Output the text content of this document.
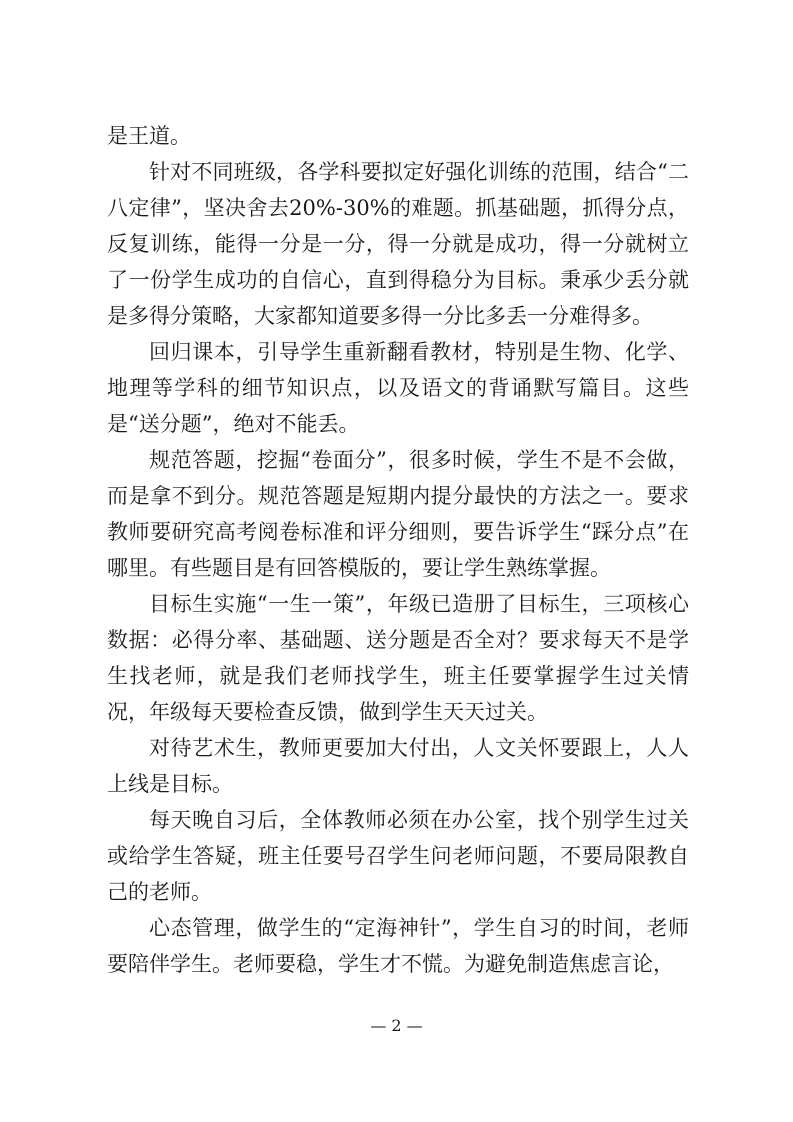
是王道。

针对不同班级，各学科要拟定好强化训练的范围，结合“二八定律”，坚决舍去20%-30%的难题。抓基础题，抓得分点，反复训练，能得一分是一分，得一分就是成功，得一分就树立了一份学生成功的自信心，直到得稳分为目标。秉承少丢分就是多得分策略，大家都知道要多得一分比多丢一分难得多。

回归课本，引导学生重新翻看教材，特别是生物、化学、地理等学科的细节知识点，以及语文的背诵默写篇目。这些是“送分题”，绝对不能丢。

规范答题，挖掘“卷面分”，很多时候，学生不是不会做，而是拿不到分。规范答题是短期内提分最快的方法之一。要求教师要研究高考阅卷标准和评分细则，要告诉学生“踩分点”在哪里。有些题目是有回答模版的，要让学生熟练掌握。

目标生实施“一生一策”，年级已造册了目标生，三项核心数据：必得分率、基础题、送分题是否全对？要求每天不是学生找老师，就是我们老师找学生，班主任要掌握学生过关情况，年级每天要检查反馈，做到学生天天过关。

对待艺术生，教师更要加大付出，人文关怀要跟上，人人上线是目标。

每天晚自习后，全体教师必须在办公室，找个别学生过关或给学生答疑，班主任要号召学生问老师问题，不要局限教自己的老师。

心态管理，做学生的“定海神针”，学生自习的时间，老师要陪伴学生。老师要稳，学生才不慌。为避免制造焦虑言论，

— 2 —
